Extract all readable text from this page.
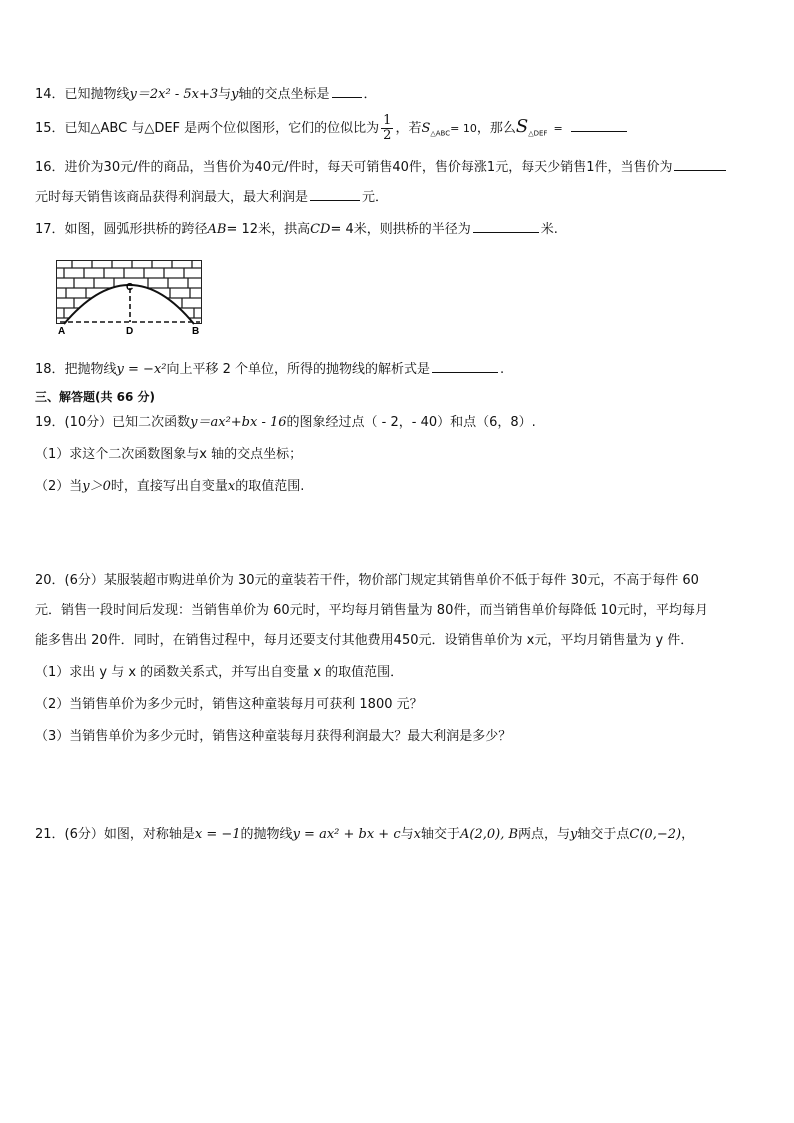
14．已知抛物线y＝2x² - 5x+3与y轴的交点坐标是	．
15．已知△ABC 与△DEF 是两个位似图形，它们的位似比为 $\frac{1}{2}$ ，若$S_{\triangle ABC}= 10$，那么$S_{\triangle DEF}$ =
16．进价为30元/件的商品，当售价为40元/件时，每天可销售40件，售价每涨1元，每天少销售1件，当售价为
元时每天销售该商品获得利润最大，最大利润是	元．
17．如图，圆弧形拱桥的跨径AB= 12米，拱高CD= 4米，则拱桥的半径为	米.
A	B
C
D
18．把抛物线y = −x²向上平移 2 个单位，所得的抛物线的解析式是	.
三、解答题(共 66 分)
19．(10分）已知二次函数y＝ax²+bx - 16的图象经过点（ - 2，- 40）和点（6，8）.
（1）求这个二次函数图象与x 轴的交点坐标；
（2）当y＞0时，直接写出自变量x的取值范围.
20．(6分）某服装超市购进单价为 30元的童装若干件，物价部门规定其销售单价不低于每件 30元，不高于每件 60
元．销售一段时间后发现：当销售单价为 60元时，平均每月销售量为 80件，而当销售单价每降低 10元时，平均每月
能多售出 20件．同时，在销售过程中，每月还要支付其他费用450元．设销售单价为 x元，平均月销售量为 y 件．
（1）求出 y 与 x 的函数关系式，并写出自变量 x 的取值范围．
（2）当销售单价为多少元时，销售这种童装每月可获利 1800 元？
（3）当销售单价为多少元时，销售这种童装每月获得利润最大？最大利润是多少？
21．(6分）如图，对称轴是x = −1的抛物线y = ax² + bx + c与x轴交于A(2,0), B两点，与y轴交于点C(0,−2)，
